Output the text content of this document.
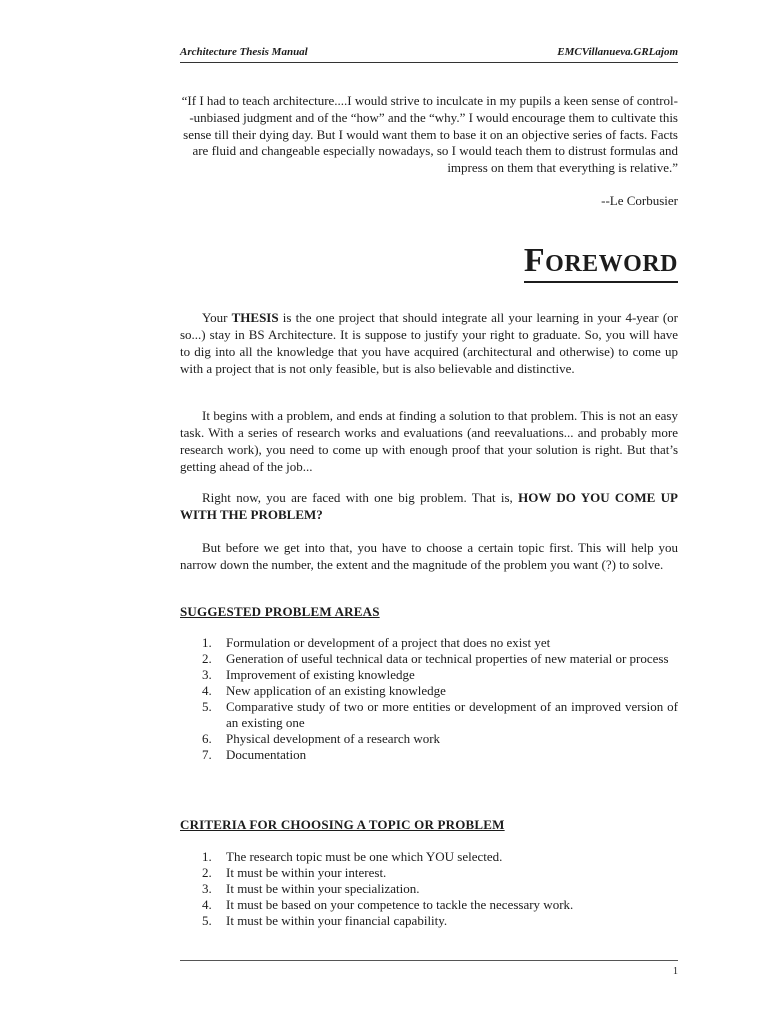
Architecture Thesis Manual	EMCVillanueva.GRLajom
“If I had to teach architecture....I would strive to inculcate in my pupils a keen sense of control--unbiased judgment and of the “how” and the “why.” I would encourage them to cultivate this sense till their dying day. But I would want them to base it on an objective series of facts. Facts are fluid and changeable especially nowadays, so I would teach them to distrust formulas and impress on them that everything is relative.”
--Le Corbusier
FOREWORD

Your THESIS is the one project that should integrate all your learning in your 4-year (or so...) stay in BS Architecture. It is suppose to justify your right to graduate. So, you will have to dig into all the knowledge that you have acquired (architectural and otherwise) to come up with a project that is not only feasible, but is also believable and distinctive.

It begins with a problem, and ends at finding a solution to that problem. This is not an easy task. With a series of research works and evaluations (and reevaluations... and probably more research work), you need to come up with enough proof that your solution is right. But that’s getting ahead of the job...

Right now, you are faced with one big problem. That is, HOW DO YOU COME UP WITH THE PROBLEM?

But before we get into that, you have to choose a certain topic first. This will help you narrow down the number, the extent and the magnitude of the problem you want (?) to solve.

SUGGESTED PROBLEM AREAS
1. Formulation or development of a project that does no exist yet
2. Generation of useful technical data or technical properties of new material or process
3. Improvement of existing knowledge
4. New application of an existing knowledge
5. Comparative study of two or more entities or development of an improved version of an existing one
6. Physical development of a research work
7. Documentation
CRITERIA FOR CHOOSING A TOPIC OR PROBLEM
1. The research topic must be one which YOU selected.
2. It must be within your interest.
3. It must be within your specialization.
4. It must be based on your competence to tackle the necessary work.
5. It must be within your financial capability.
1
